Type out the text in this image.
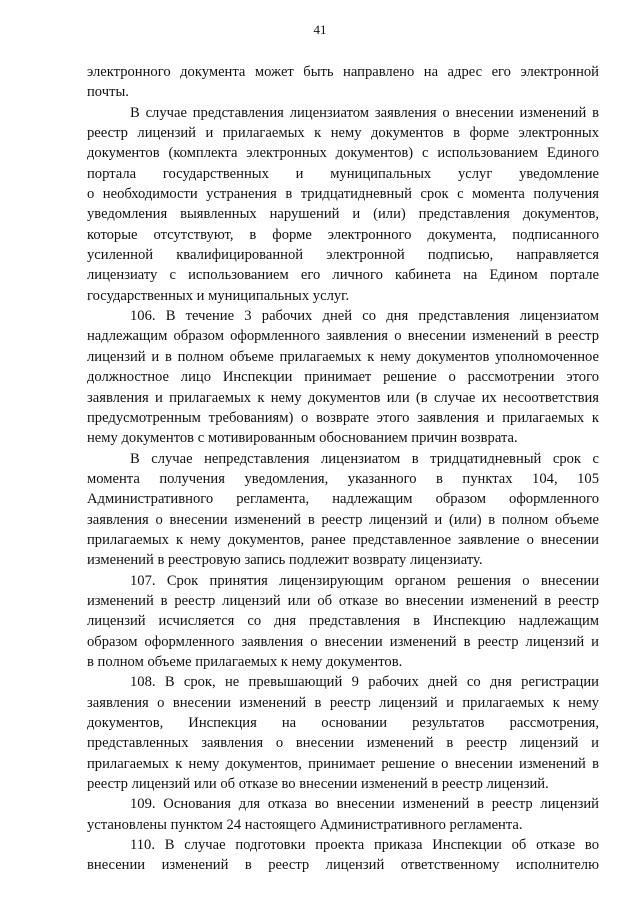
41
электронного документа может быть направлено на адрес его электронной
почты.
В случае представления лицензиатом заявления о внесении изменений в
реестр лицензий и прилагаемых к нему документов в форме электронных
документов (комплекта электронных документов) с использованием Единого
портала государственных и муниципальных услуг уведомление
о необходимости устранения в тридцатидневный срок с момента получения
уведомления выявленных нарушений и (или) представления документов,
которые отсутствуют, в форме электронного документа, подписанного
усиленной квалифицированной электронной подписью, направляется
лицензиату с использованием его личного кабинета на Едином портале
государственных и муниципальных услуг.
106. В течение 3 рабочих дней со дня представления лицензиатом
надлежащим образом оформленного заявления о внесении изменений в реестр
лицензий и в полном объеме прилагаемых к нему документов уполномоченное
должностное лицо Инспекции принимает решение о рассмотрении этого
заявления и прилагаемых к нему документов или (в случае их несоответствия
предусмотренным требованиям) о возврате этого заявления и прилагаемых к
нему документов с мотивированным обоснованием причин возврата.
В случае непредставления лицензиатом в тридцатидневный срок с
момента получения уведомления, указанного в пунктах 104, 105
Административного регламента, надлежащим образом оформленного
заявления о внесении изменений в реестр лицензий и (или) в полном объеме
прилагаемых к нему документов, ранее представленное заявление о внесении
изменений в реестровую запись подлежит возврату лицензиату.
107. Срок принятия лицензирующим органом решения о внесении
изменений в реестр лицензий или об отказе во внесении изменений в реестр
лицензий исчисляется со дня представления в Инспекцию надлежащим
образом оформленного заявления о внесении изменений в реестр лицензий и
в полном объеме прилагаемых к нему документов.
108. В срок, не превышающий 9 рабочих дней со дня регистрации
заявления о внесении изменений в реестр лицензий и прилагаемых к нему
документов, Инспекция на основании результатов рассмотрения,
представленных заявления о внесении изменений в реестр лицензий и
прилагаемых к нему документов, принимает решение о внесении изменений в
реестр лицензий или об отказе во внесении изменений в реестр лицензий.
109. Основания для отказа во внесении изменений в реестр лицензий
установлены пунктом 24 настоящего Административного регламента.
110. В случае подготовки проекта приказа Инспекции об отказе во
внесении изменений в реестр лицензий ответственному исполнителю
